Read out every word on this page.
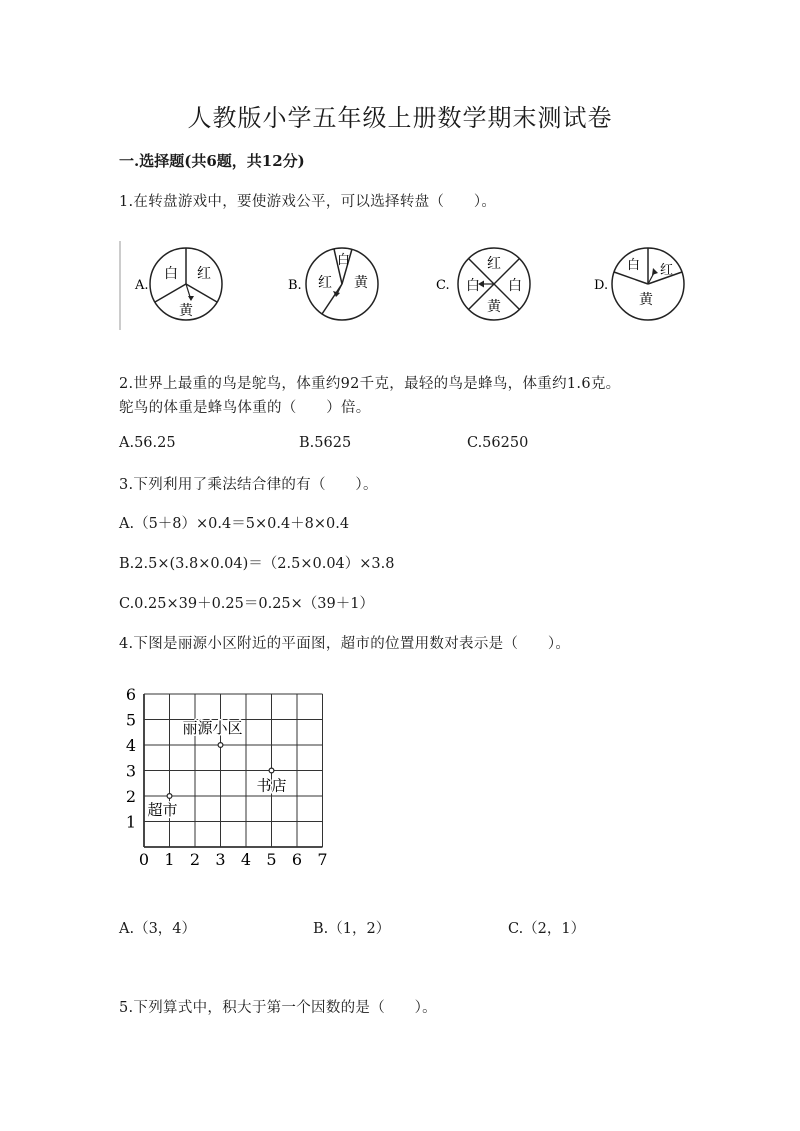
人教版小学五年级上册数学期末测试卷
一.选择题(共6题，共12分)
1.在转盘游戏中，要使游戏公平，可以选择转盘（　　）。
A.
白 红
黄
B.
白
红 黄	C.
红
白 白
黄
D.
白 红
黄
2.世界上最重的鸟是鸵鸟，体重约92千克，最轻的鸟是蜂鸟，体重约1.6克。
鸵鸟的体重是蜂鸟体重的（　　）倍。
A.56.25	B.5625	C.56250
3.下列利用了乘法结合律的有（　　）。
A.（5＋8）×0.4＝5×0.4＋8×0.4
B.2.5×(3.8×0.04)＝（2.5×0.04）×3.8
C.0.25×39＋0.25＝0.25×（39＋1）
4.下图是丽源小区附近的平面图，超市的位置用数对表示是（　　）。
0 1 2 3 4 5 6 7
1
2
3
4
5
6
丽源小区
超市
书店
A.（3，4）	B.（1，2）	C.（2，1）
5.下列算式中，积大于第一个因数的是（　　）。
